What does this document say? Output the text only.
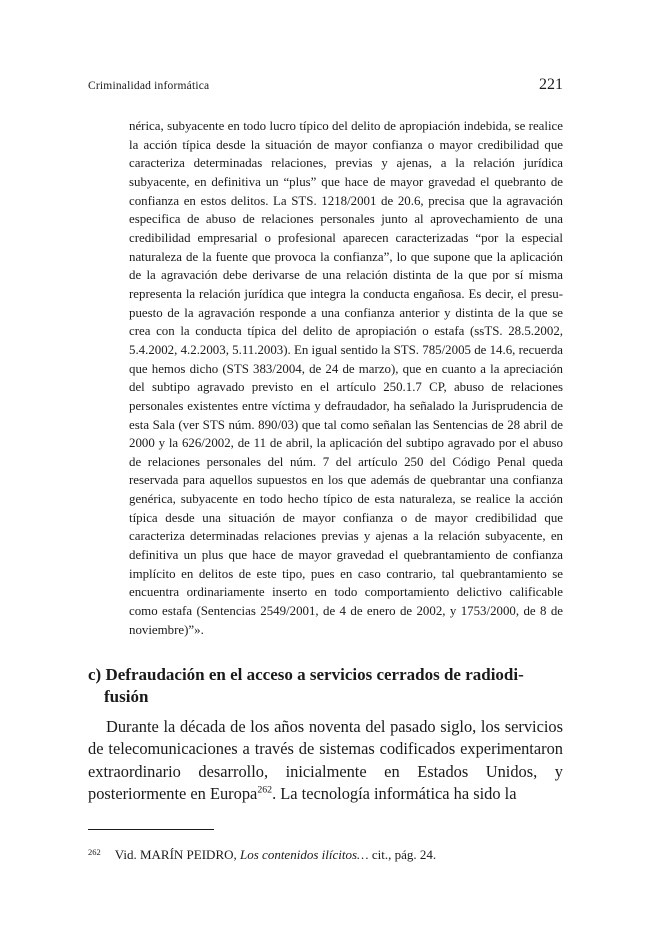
Criminalidad informática	221
nérica, subyacente en todo lucro típico del delito de apropiación indebida, se realice la acción típica desde la situación de mayor confianza o mayor credibilidad que caracteriza determinadas relaciones, previas y ajenas, a la relación jurídica subyacente, en definitiva un “plus” que hace de mayor gravedad el quebranto de confianza en estos delitos. La STS. 1218/2001 de 20.6, precisa que la agravación especifica de abuso de relaciones personales junto al aprovechamiento de una credibilidad empresarial o profesional aparecen caracterizadas “por la especial naturaleza de la fuente que provoca la confianza”, lo que supone que la aplicación de la agravación debe derivarse de una relación distinta de la que por sí misma representa la relación jurídica que integra la conducta engañosa. Es decir, el presupuesto de la agravación responde a una confianza anterior y distinta de la que se crea con la conducta típica del delito de apropiación o estafa (ssTS. 28.5.2002, 5.4.2002, 4.2.2003, 5.11.2003). En igual sentido la STS. 785/2005 de 14.6, recuerda que hemos dicho (STS 383/2004, de 24 de marzo), que en cuanto a la apreciación del subtipo agravado previsto en el artículo 250.1.7 CP, abuso de relaciones personales existentes entre víctima y defraudador, ha señalado la Jurisprudencia de esta Sala (ver STS núm. 890/03) que tal como señalan las Sentencias de 28 abril de 2000 y la 626/2002, de 11 de abril, la aplicación del subtipo agravado por el abuso de relaciones personales del núm. 7 del artículo 250 del Código Penal queda reservada para aquellos supuestos en los que además de quebrantar una confianza genérica, subyacente en todo hecho típico de esta naturaleza, se realice la acción típica desde una situación de mayor confianza o de mayor credibilidad que caracteriza determinadas relaciones previas y ajenas a la relación subyacente, en definitiva un plus que hace de mayor gravedad el quebrantamiento de confianza implícito en delitos de este tipo, pues en caso contrario, tal quebrantamiento se encuentra ordinariamente inserto en todo comportamiento delictivo calificable como estafa (Sentencias 2549/2001, de 4 de enero de 2002, y 1753/2000, de 8 de noviembre)”».
c) Defraudación en el acceso a servicios cerrados de radiodi-
fusión
Durante la década de los años noventa del pasado siglo, los servicios de telecomunicaciones a través de sistemas codificados experimentaron extraordinario desarrollo, inicialmente en Estados Unidos, y posteriormente en Europa$^{262}$. La tecnología informática ha sido la
$^{262}$ Vid. MARÍN PEIDRO, Los contenidos ilícitos… cit., pág. 24.
